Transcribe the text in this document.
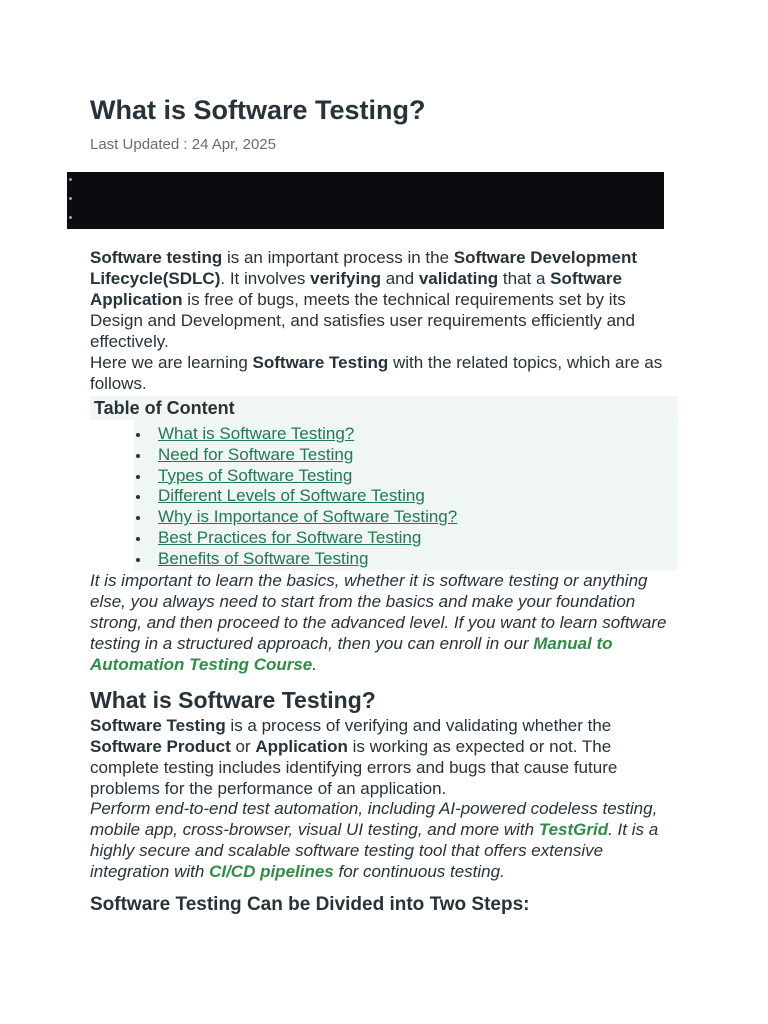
What is Software Testing?
Last Updated : 24 Apr, 2025

Software testing is an important process in the Software Development Lifecycle(SDLC). It involves verifying and validating that a Software Application is free of bugs, meets the technical requirements set by its Design and Development, and satisfies user requirements efficiently and effectively.

Here we are learning Software Testing with the related topics, which are as follows.

Table of Content
What is Software Testing?
Need for Software Testing
Types of Software Testing
Different Levels of Software Testing
Why is Importance of Software Testing?
Best Practices for Software Testing
Benefits of Software Testing

It is important to learn the basics, whether it is software testing or anything else, you always need to start from the basics and make your foundation strong, and then proceed to the advanced level. If you want to learn software testing in a structured approach, then you can enroll in our Manual to Automation Testing Course.

What is Software Testing?

Software Testing is a process of verifying and validating whether the Software Product or Application is working as expected or not. The complete testing includes identifying errors and bugs that cause future problems for the performance of an application.

Perform end-to-end test automation, including AI-powered codeless testing, mobile app, cross-browser, visual UI testing, and more with TestGrid. It is a highly secure and scalable software testing tool that offers extensive integration with CI/CD pipelines for continuous testing.

Software Testing Can be Divided into Two Steps:
